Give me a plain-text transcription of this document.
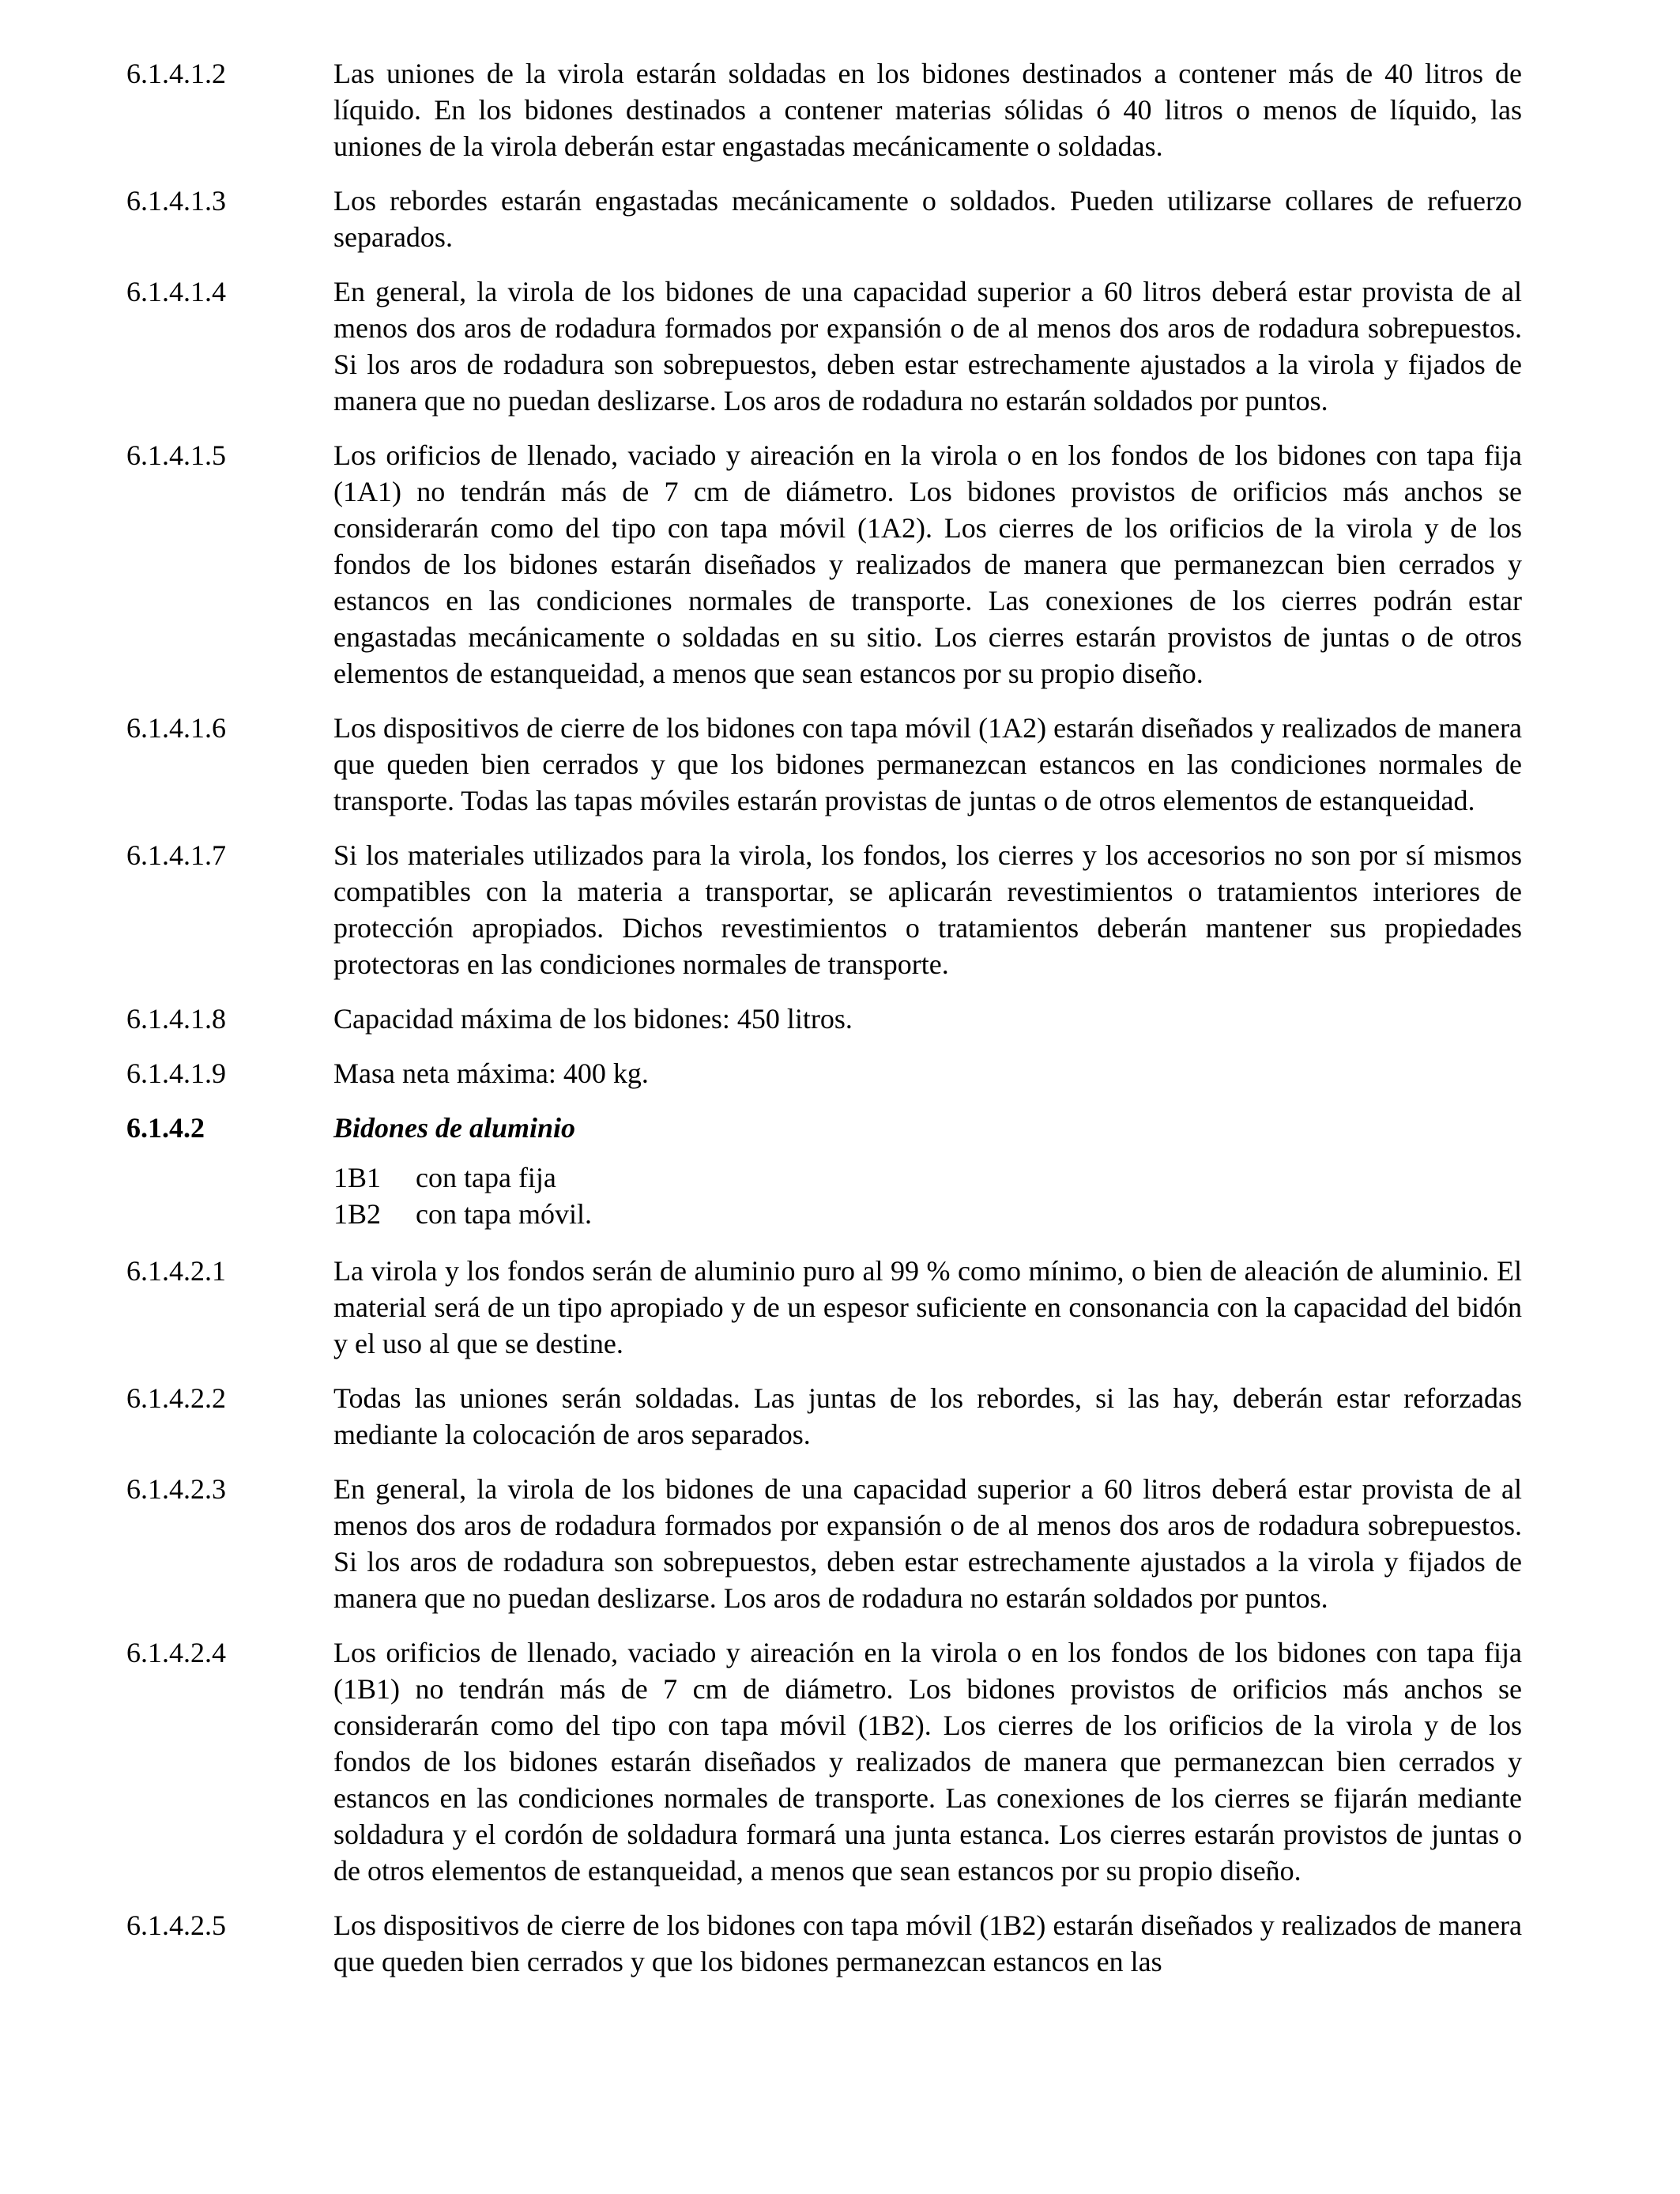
6.1.4.1.2	Las uniones de la virola estarán soldadas en los bidones destinados a contener más de 40 litros de líquido. En los bidones destinados a contener materias sólidas ó 40 litros o menos de líquido, las uniones de la virola deberán estar engastadas mecánicamente o soldadas.

6.1.4.1.3	Los rebordes estarán engastadas mecánicamente o soldados. Pueden utilizarse collares de refuerzo separados.

6.1.4.1.4	En general, la virola de los bidones de una capacidad superior a 60 litros deberá estar provista de al menos dos aros de rodadura formados por expansión o de al menos dos aros de rodadura sobrepuestos. Si los aros de rodadura son sobrepuestos, deben estar estrechamente ajustados a la virola y fijados de manera que no puedan deslizarse. Los aros de rodadura no estarán soldados por puntos.

6.1.4.1.5	Los orificios de llenado, vaciado y aireación en la virola o en los fondos de los bidones con tapa fija (1A1) no tendrán más de 7 cm de diámetro. Los bidones provistos de orificios más anchos se considerarán como del tipo con tapa móvil (1A2). Los cierres de los orificios de la virola y de los fondos de los bidones estarán diseñados y realizados de manera que permanezcan bien cerrados y estancos en las condiciones normales de transporte. Las conexiones de los cierres podrán estar engastadas mecánicamente o soldadas en su sitio. Los cierres estarán provistos de juntas o de otros elementos de estanqueidad, a menos que sean estancos por su propio diseño.

6.1.4.1.6	Los dispositivos de cierre de los bidones con tapa móvil (1A2) estarán diseñados y realizados de manera que queden bien cerrados y que los bidones permanezcan estancos en las condiciones normales de transporte. Todas las tapas móviles estarán provistas de juntas o de otros elementos de estanqueidad.

6.1.4.1.7	Si los materiales utilizados para la virola, los fondos, los cierres y los accesorios no son por sí mismos compatibles con la materia a transportar, se aplicarán revestimientos o tratamientos interiores de protección apropiados. Dichos revestimientos o tratamientos deberán mantener sus propiedades protectoras en las condiciones normales de transporte.

6.1.4.1.8	Capacidad máxima de los bidones: 450 litros.

6.1.4.1.9	Masa neta máxima: 400 kg.

6.1.4.2	Bidones de aluminio

1B1	con tapa fija
1B2	con tapa móvil.
6.1.4.2.1	La virola y los fondos serán de aluminio puro al 99 % como mínimo, o bien de aleación de aluminio. El material será de un tipo apropiado y de un espesor suficiente en consonancia con la capacidad del bidón y el uso al que se destine.

6.1.4.2.2	Todas las uniones serán soldadas. Las juntas de los rebordes, si las hay, deberán estar reforzadas mediante la colocación de aros separados.

6.1.4.2.3	En general, la virola de los bidones de una capacidad superior a 60 litros deberá estar provista de al menos dos aros de rodadura formados por expansión o de al menos dos aros de rodadura sobrepuestos. Si los aros de rodadura son sobrepuestos, deben estar estrechamente ajustados a la virola y fijados de manera que no puedan deslizarse. Los aros de rodadura no estarán soldados por puntos.

6.1.4.2.4	Los orificios de llenado, vaciado y aireación en la virola o en los fondos de los bidones con tapa fija (1B1) no tendrán más de 7 cm de diámetro. Los bidones provistos de orificios más anchos se considerarán como del tipo con tapa móvil (1B2). Los cierres de los orificios de la virola y de los fondos de los bidones estarán diseñados y realizados de manera que permanezcan bien cerrados y estancos en las condiciones normales de transporte. Las conexiones de los cierres se fijarán mediante soldadura y el cordón de soldadura formará una junta estanca. Los cierres estarán provistos de juntas o de otros elementos de estanqueidad, a menos que sean estancos por su propio diseño.

6.1.4.2.5	Los dispositivos de cierre de los bidones con tapa móvil (1B2) estarán diseñados y realizados de manera que queden bien cerrados y que los bidones permanezcan estancos en las
